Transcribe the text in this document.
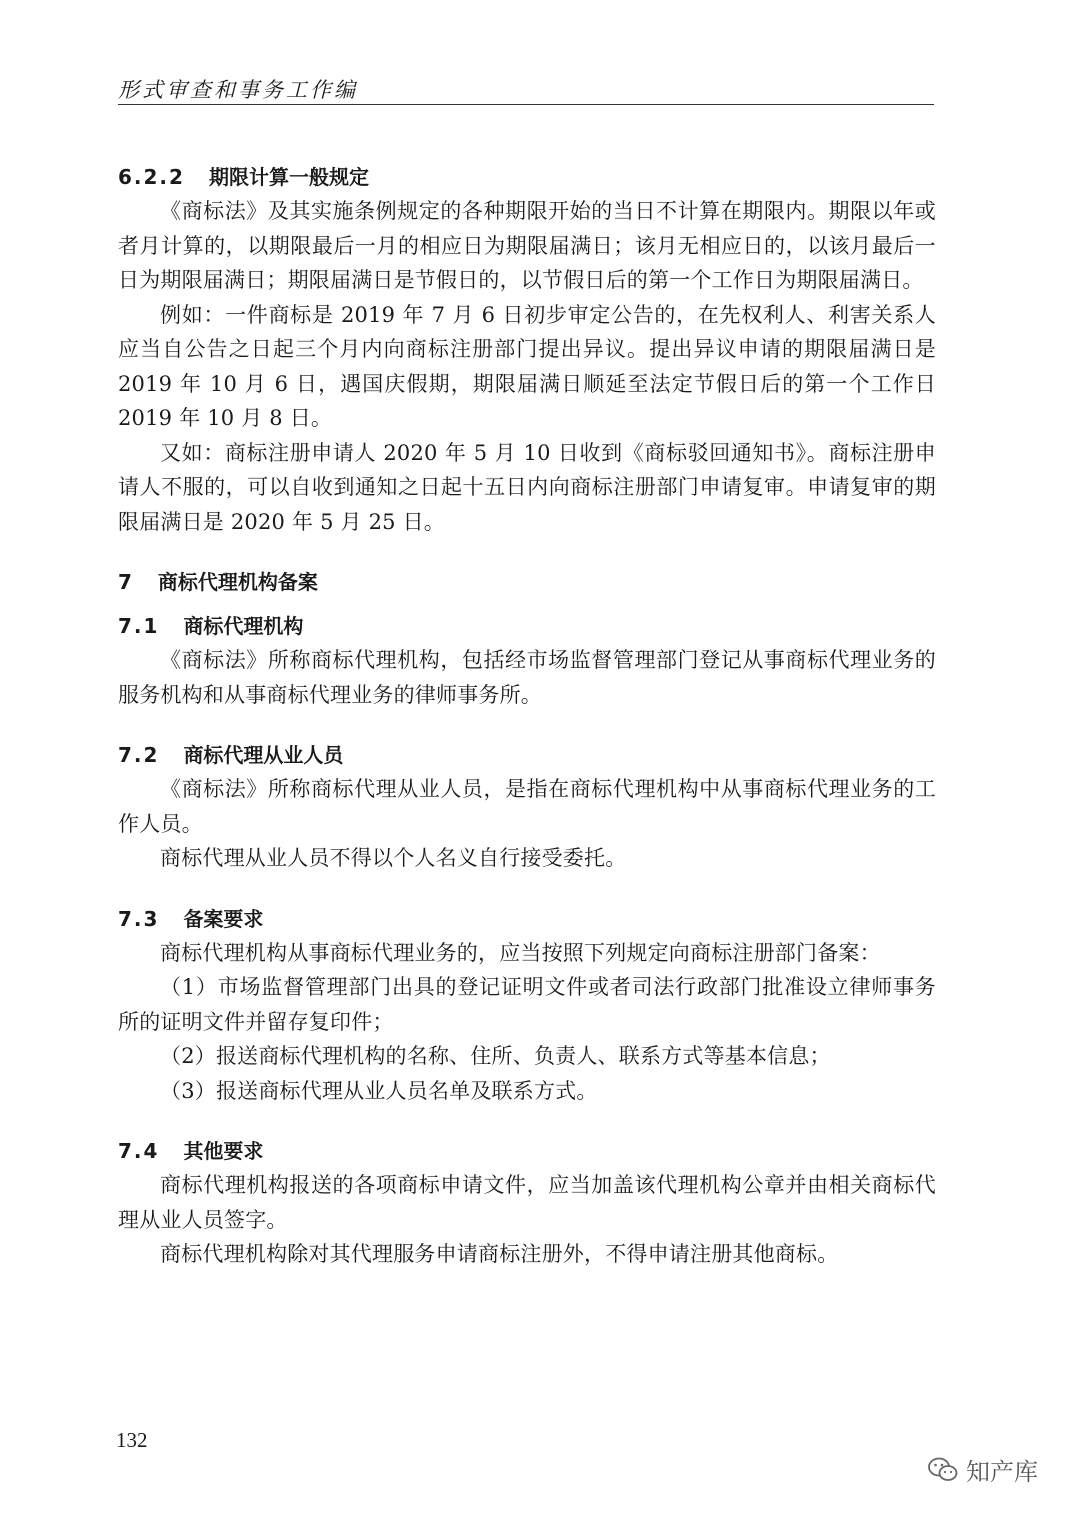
形式审查和事务工作编
6.2.2 期限计算一般规定

《商标法》及其实施条例规定的各种期限开始的当日不计算在期限内。期限以年或者月计算的，以期限最后一月的相应日为期限届满日；该月无相应日的，以该月最后一日为期限届满日；期限届满日是节假日的，以节假日后的第一个工作日为期限届满日。

例如：一件商标是 2019 年 7 月 6 日初步审定公告的，在先权利人、利害关系人应当自公告之日起三个月内向商标注册部门提出异议。提出异议申请的期限届满日是 2019 年 10 月 6 日，遇国庆假期，期限届满日顺延至法定节假日后的第一个工作日 2019 年 10 月 8 日。

又如：商标注册申请人 2020 年 5 月 10 日收到《商标驳回通知书》。商标注册申请人不服的，可以自收到通知之日起十五日内向商标注册部门申请复审。申请复审的期限届满日是 2020 年 5 月 25 日。

7 商标代理机构备案
7.1 商标代理机构

《商标法》所称商标代理机构，包括经市场监督管理部门登记从事商标代理业务的服务机构和从事商标代理业务的律师事务所。

7.2 商标代理从业人员

《商标法》所称商标代理从业人员，是指在商标代理机构中从事商标代理业务的工作人员。

商标代理从业人员不得以个人名义自行接受委托。

7.3 备案要求

商标代理机构从事商标代理业务的，应当按照下列规定向商标注册部门备案：

（1）市场监督管理部门出具的登记证明文件或者司法行政部门批准设立律师事务所的证明文件并留存复印件；

（2）报送商标代理机构的名称、住所、负责人、联系方式等基本信息；

（3）报送商标代理从业人员名单及联系方式。

7.4 其他要求

商标代理机构报送的各项商标申请文件，应当加盖该代理机构公章并由相关商标代理从业人员签字。

商标代理机构除对其代理服务申请商标注册外，不得申请注册其他商标。

132
知产库
